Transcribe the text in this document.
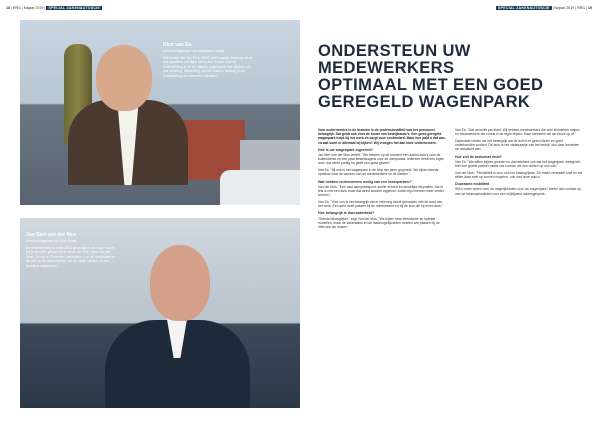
18 | RRG | Najaar 2019 | SPECIAL ZAKENAUTOSCIE	SPECIAL ZAKENAUTOSCIE | Najaar 2019 | RRG | 19
Nico van Es
directeur/eigenaar van Hardewerk media
Het bedrijf, dat Van Es in 2008 heeft ingezet, heeft op de en ook specifiek zakelijke. Meer dan 20 jaar voor de onderneming in de en daarna: wagenpark met slechts ±20 jaar ervaring. Uitbreiding van het team in leasing en de ontwikkeling van meerdere diensten.
Jan Bert van der Mos
directeur/eigenaar bij KBM Groep
De onderneming is sinds 2005 gevestigd in de regio Hoorn. Hij is na 1997 gestart bij de firma van Erik, Hans van der Meer. Zo zijn er 8 mensen werkzaam: 4 in de werkplaats en de rest op de administratie van de vaste klanten en een groeiend wagenpark.
ONDERSTEUN UW MEDEWERKERS
OPTIMAAL MET EEN GOED
GEREGELD WAGENPARK

Voor ondernemers in de branche is de professionaliteit van het personeel belangrijk. Dat geldt ook voor de keuze van bedrijfsauto's. Een goed geregeld wagenpark helpt bij het werk en zorgt voor continuïteit. Maar hoe pakt u dat aan, en wat komt er allemaal bij kijken? Wij vroegen het aan twee ondernemers.

Hoe is uw wagenpark ingericht?

Jan Bert van der Mos vertelt: "We hebben op dit moment een aantal auto's voor de buitendienst en een paar bestelwagens voor de werkplaats. Iedereen heeft een eigen auto, dat werkt prettig en geeft een goed gevoel."

Van Es: "Bij ons is het wagenpark in de loop der jaren gegroeid. We kijken steeds opnieuw naar de wensen van de medewerkers en de klanten."

Wat hebben ondernemers nodig van een leasepartner?

Van der Mos: "Een vast aanspreekpunt, snelle service en duidelijke afspraken. Als er iets is met een auto moet dat direct worden opgelost, zodat mijn mensen weer verder kunnen."

Van Es: "Voor ons is het belangrijk dat er rekening wordt gehouden met de aard van het werk. Een auto moet passen bij de medewerker en bij de klus die hij moet doen."

Hoe belangrijk is duurzaamheid?

"Steeds belangrijker," zegt Van der Mos. "We kijken naar elektrische en hybride modellen, maar de actieradius en de laadmogelijkheden moeten wel passen bij de ritten die we maken."

Van Es: "Dat verschilt per klant. Wij hebben medewerkers die veel kilometers maken en medewerkers die vooral in de regio blijven. Daar stemmen we de keuze op af."

Daarnaast vinden we het belangrijk dat de auto's er goed uitzien en goed onderhouden worden. De auto is het visitekaartje van het bedrijf, dus daar besteden we aandacht aan.

Hoe ziet de toekomst eruit?

Van Es: "We willen blijven groeien en dat betekent ook dat het wagenpark meegroeit. Met een goede partner naast ons kunnen we ons richten op ons vak."

Van der Mos: "Flexibiliteit is voor ons het belangrijkste. De markt verandert snel en we willen daar snel op kunnen inspelen, ook met onze auto's."

Duurzame mobiliteit

Wilt u meer weten over de mogelijkheden voor uw wagenpark? Neem dan contact op met de leasespecialisten voor een vrijblijvend adviesgesprek.
